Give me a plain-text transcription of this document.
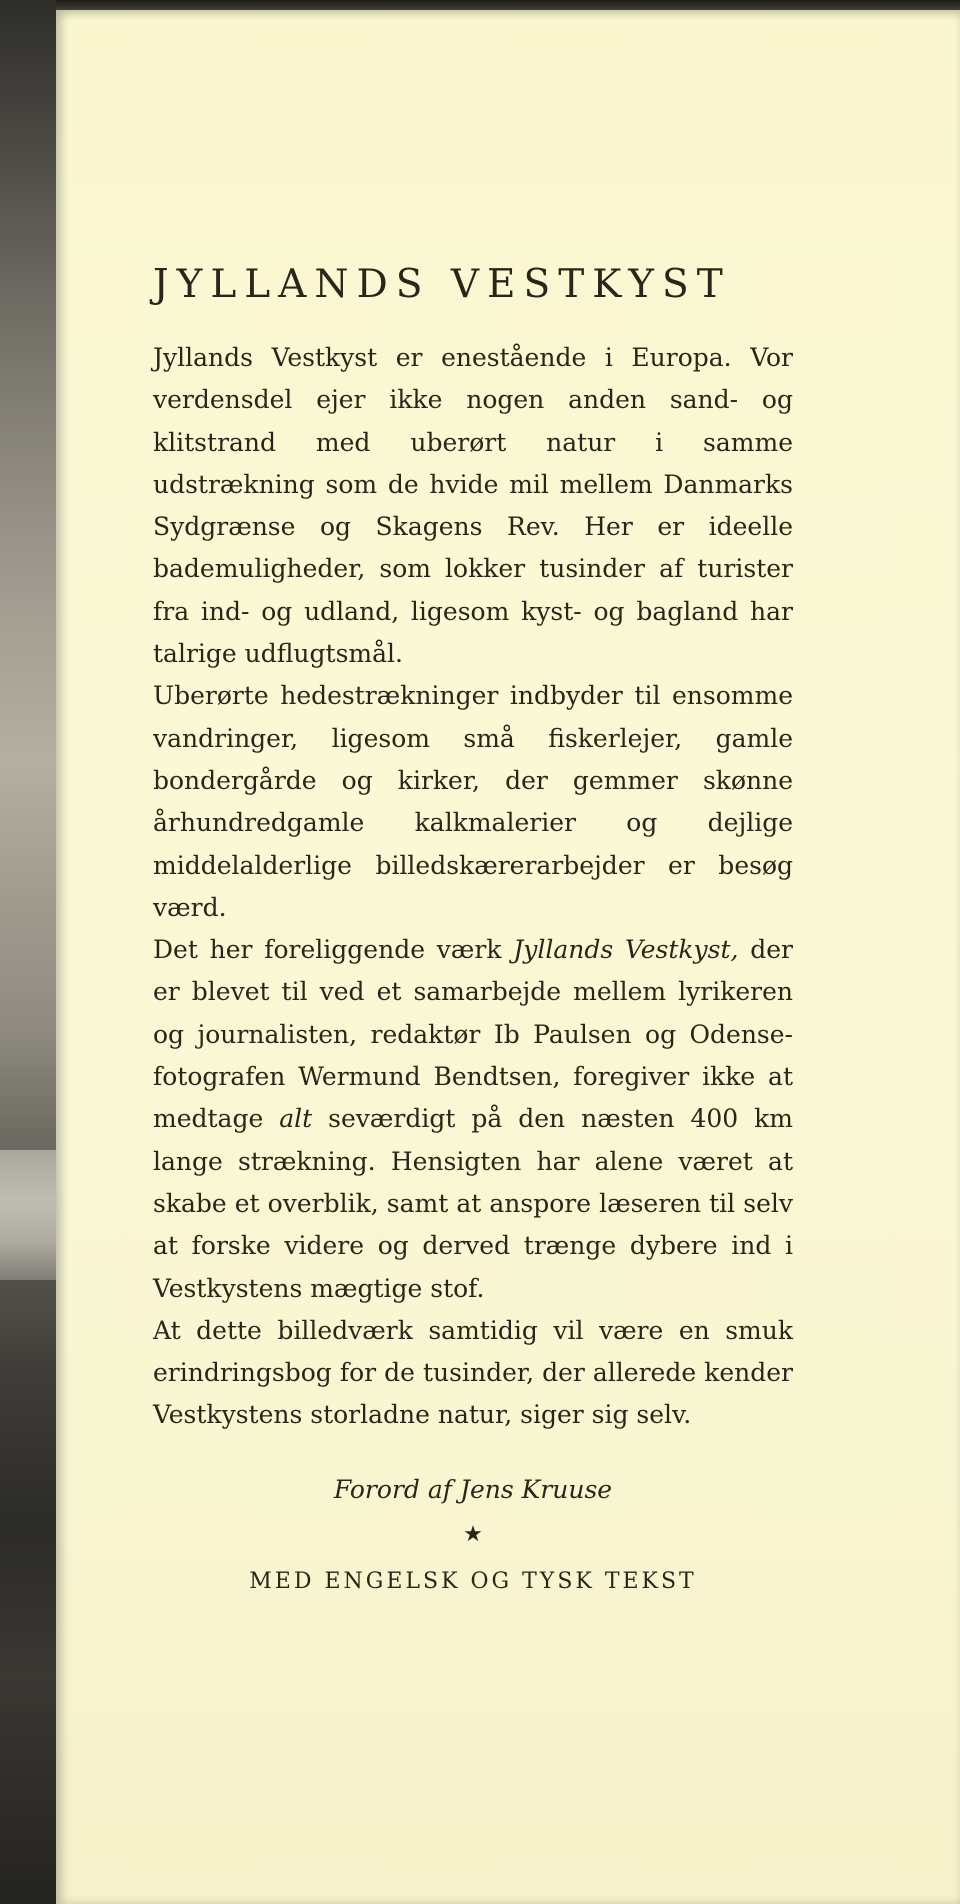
JYLLANDS VESTKYST

Jyllands Vestkyst er enestående i Europa. Vor verdensdel ejer ikke nogen anden sand- og klitstrand med uberørt natur i samme udstrækning som de hvide mil mellem Danmarks Sydgrænse og Skagens Rev. Her er ideelle bademuligheder, som lokker tusinder af turister fra ind- og udland, ligesom kyst- og bagland har talrige udflugtsmål.

Uberørte hedestrækninger indbyder til ensomme vandringer, ligesom små fiskerlejer, gamle bondergårde og kirker, der gemmer skønne århundredgamle kalkmalerier og dejlige middelalderlige billedskærerarbejder er besøg værd.

Det her foreliggende værk Jyllands Vestkyst, der er blevet til ved et samarbejde mellem lyrikeren og journalisten, redaktør Ib Paulsen og Odense-fotografen Wermund Bendtsen, foregiver ikke at medtage alt seværdigt på den næsten 400 km lange strækning. Hensigten har alene været at skabe et overblik, samt at ansporе læseren til selv at forske videre og derved trænge dybere ind i Vestkystens mægtige stof.

At dette billedværk samtidig vil være en smuk erindringsbog for de tusinder, der allerede kender Vestkystens storladne natur, siger sig selv.

Forord af Jens Kruuse

★
MED ENGELSK OG TYSK TEKST
